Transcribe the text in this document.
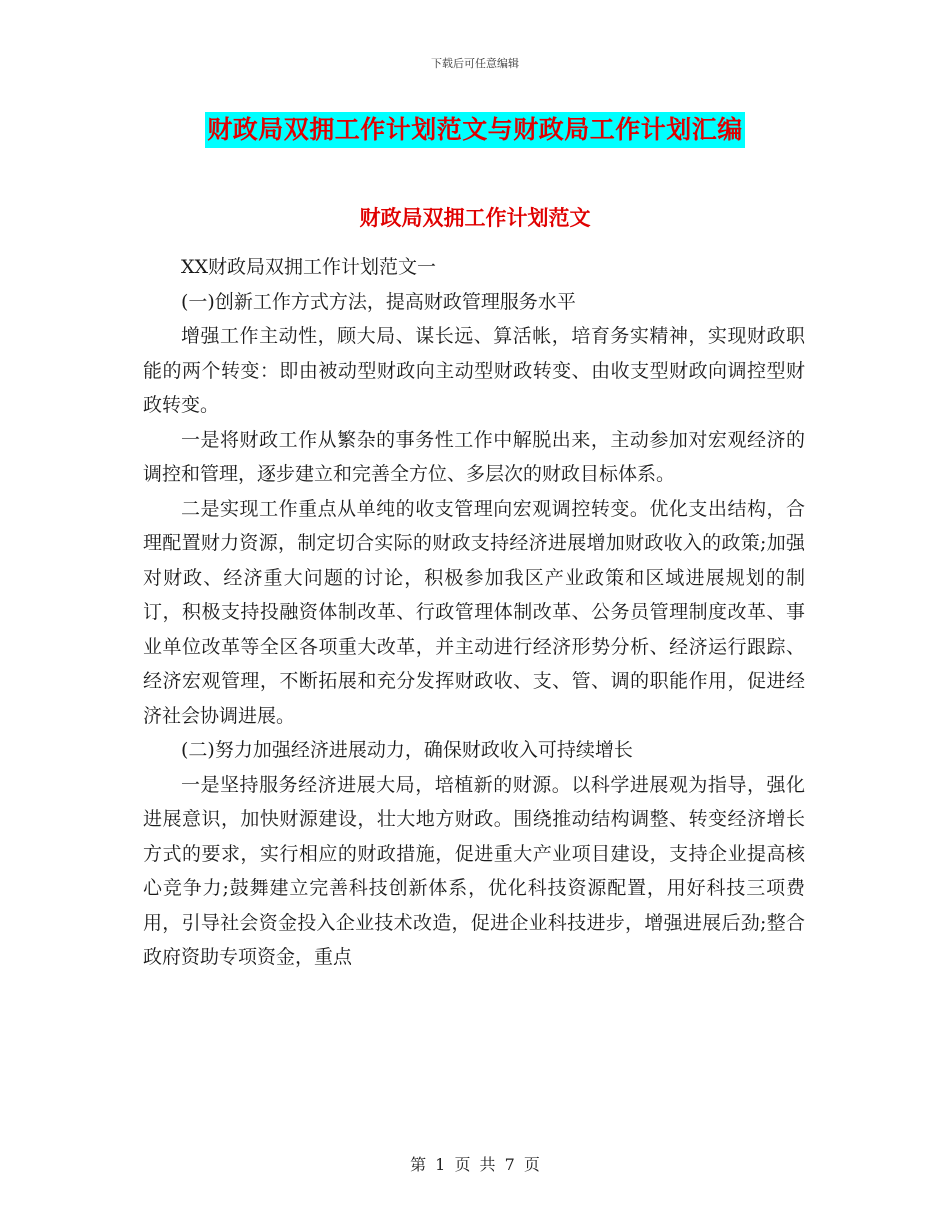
下载后可任意编辑
财政局双拥工作计划范文与财政局工作计划汇编
财政局双拥工作计划范文

XX财政局双拥工作计划范文一

(一)创新工作方式方法，提高财政管理服务水平

增强工作主动性，顾大局、谋长远、算活帐，培育务实精神，实现财政职能的两个转变：即由被动型财政向主动型财政转变、由收支型财政向调控型财政转变。

一是将财政工作从繁杂的事务性工作中解脱出来，主动参加对宏观经济的调控和管理，逐步建立和完善全方位、多层次的财政目标体系。

二是实现工作重点从单纯的收支管理向宏观调控转变。优化支出结构，合理配置财力资源，制定切合实际的财政支持经济进展增加财政收入的政策;加强对财政、经济重大问题的讨论，积极参加我区产业政策和区域进展规划的制订，积极支持投融资体制改革、行政管理体制改革、公务员管理制度改革、事业单位改革等全区各项重大改革，并主动进行经济形势分析、经济运行跟踪、经济宏观管理，不断拓展和充分发挥财政收、支、管、调的职能作用，促进经济社会协调进展。

(二)努力加强经济进展动力，确保财政收入可持续增长

一是坚持服务经济进展大局，培植新的财源。以科学进展观为指导，强化进展意识，加快财源建设，壮大地方财政。围绕推动结构调整、转变经济增长方式的要求，实行相应的财政措施，促进重大产业项目建设，支持企业提高核心竞争力;鼓舞建立完善科技创新体系，优化科技资源配置，用好科技三项费用，引导社会资金投入企业技术改造，促进企业科技进步，增强进展后劲;整合政府资助专项资金，重点

第 1 页 共 7 页
